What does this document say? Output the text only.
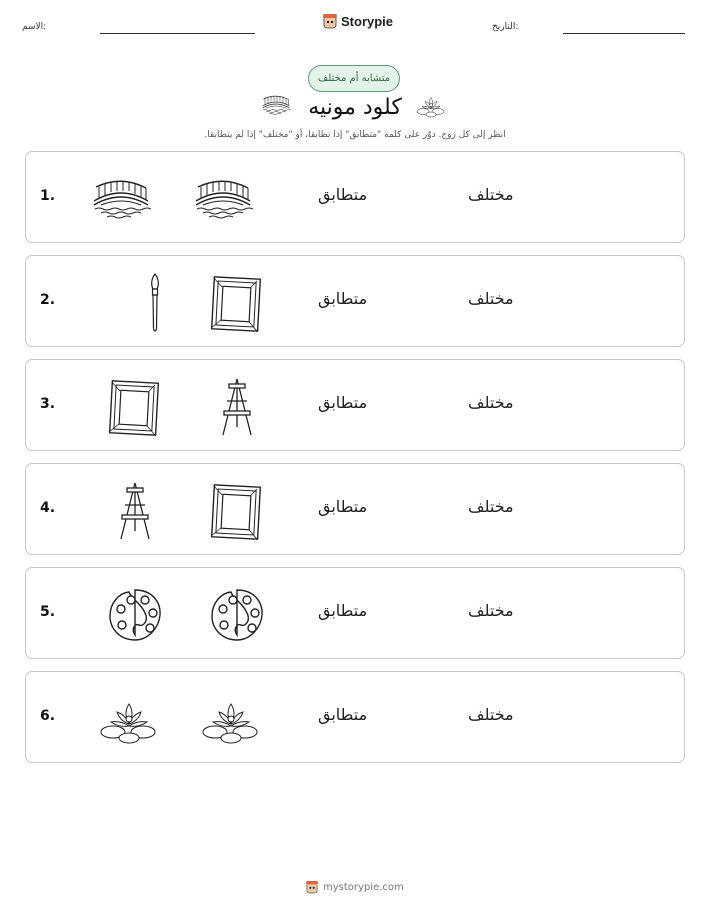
الاسم:	Storypie	التاريخ:
متشابه أم مختلف
كلود مونيه
انظر إلى كل زوج. دوّر على كلمة "متطابق" إذا تطابقا، أو "مختلف" إذا لم يتطابقا.
1.	متطابق	مختلف
2.	متطابق	مختلف
3.	متطابق	مختلف
4.	متطابق	مختلف
5.	متطابق	مختلف
6.	متطابق	مختلف
mystorypie.com
